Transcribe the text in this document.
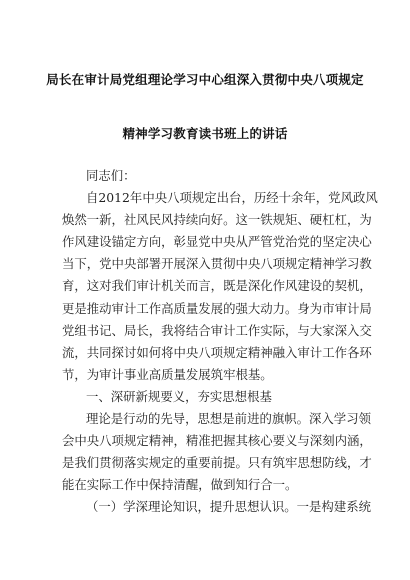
局长在审计局党组理论学习中心组深入贯彻中央八项规定

精神学习教育读书班上的讲话

同志们：
自2012年中央八项规定出台，历经十余年，党风政风
焕然一新，社风民风持续向好。这一铁规矩、硬杠杠，为
作风建设锚定方向，彰显党中央从严管党治党的坚定决心
当下，党中央部署开展深入贯彻中央八项规定精神学习教
育，这对我们审计机关而言，既是深化作风建设的契机，
更是推动审计工作高质量发展的强大动力。身为市审计局
党组书记、局长，我将结合审计工作实际，与大家深入交
流，共同探讨如何将中央八项规定精神融入审计工作各环
节，为审计事业高质量发展筑牢根基。
一、深研新规要义，夯实思想根基
理论是行动的先导，思想是前进的旗帜。深入学习领
会中央八项规定精神，精准把握其核心要义与深刻内涵，
是我们贯彻落实规定的重要前提。只有筑牢思想防线，才
能在实际工作中保持清醒，做到知行合一。
（一）学深理论知识，提升思想认识。一是构建系统
